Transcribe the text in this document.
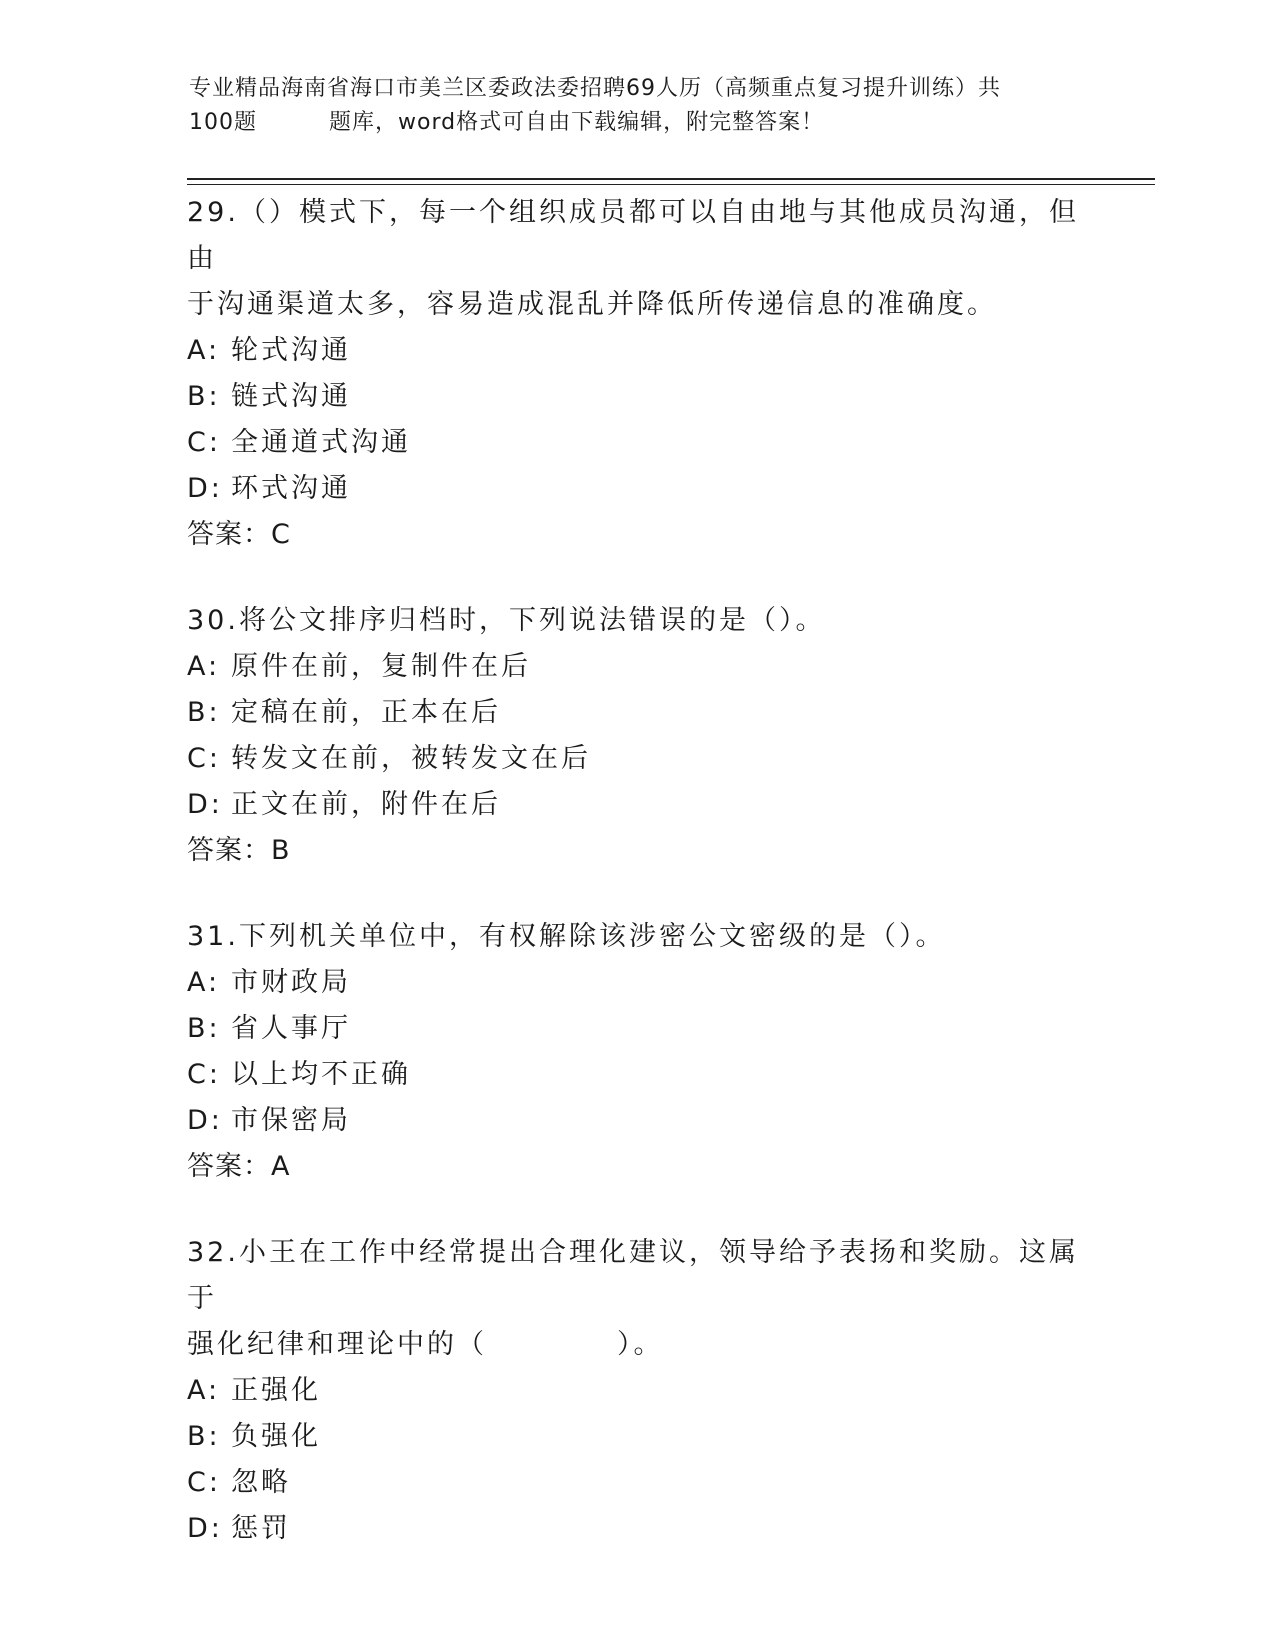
专业精品海南省海口市美兰区委政法委招聘69人历（高频重点复习提升训练）共
100题	题库，word格式可自由下载编辑，附完整答案！

29.（）模式下，每一个组织成员都可以自由地与其他成员沟通，但由
于沟通渠道太多，容易造成混乱并降低所传递信息的准确度。

A: 轮式沟通

B: 链式沟通

C: 全通道式沟通

D: 环式沟通

答案：C

30.将公文排序归档时，下列说法错误的是（）。

A: 原件在前，复制件在后

B: 定稿在前，正本在后

C: 转发文在前，被转发文在后

D: 正文在前，附件在后

答案：B

31.下列机关单位中，有权解除该涉密公文密级的是（）。

A: 市财政局

B: 省人事厅

C: 以上均不正确

D: 市保密局

答案：A

32.小王在工作中经常提出合理化建议，领导给予表扬和奖励。这属于
强化纪律和理论中的（	）。

A: 正强化

B: 负强化

C: 忽略

D: 惩罚
